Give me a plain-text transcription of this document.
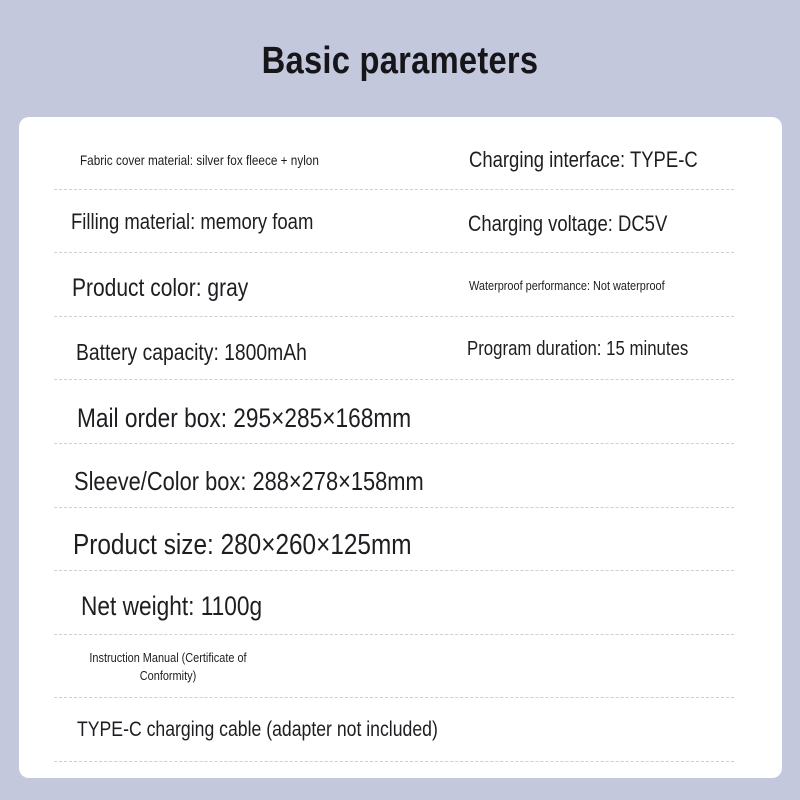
Basic parameters
Fabric cover material: silver fox fleece + nylon	Charging interface: TYPE-C
Filling material: memory foam	Charging voltage: DC5V
Product color: gray	Waterproof performance: Not waterproof
Battery capacity: 1800mAh	Program duration: 15 minutes
Mail order box: 295×285×168mm
Sleeve/Color box: 288×278×158mm
Product size: 280×260×125mm
Net weight: 1100g
Instruction Manual (Certificate of Conformity)
TYPE-C charging cable (adapter not included)
